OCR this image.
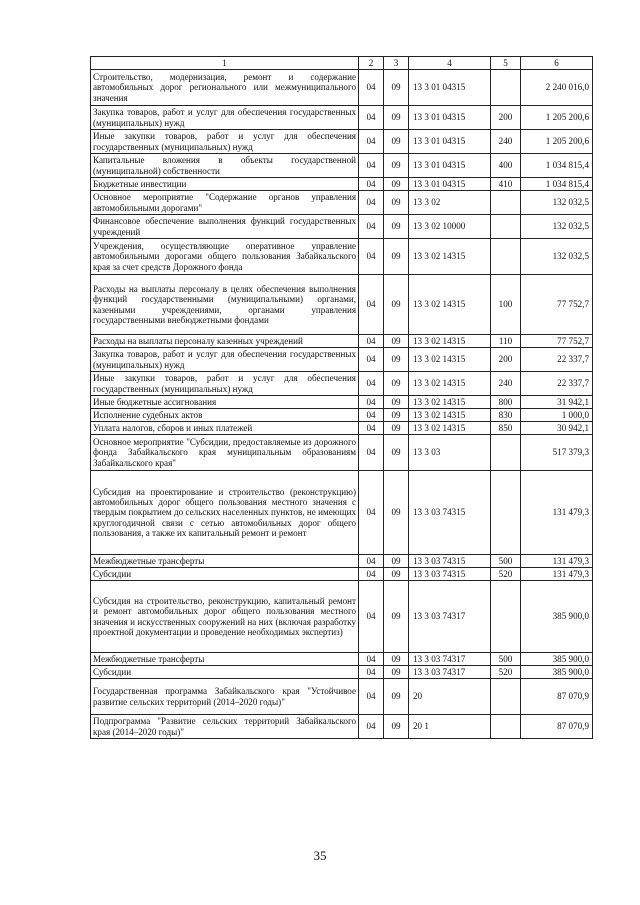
1	2	3	4	5	6
Строительство, модернизация, ремонт и содержание автомобильных дорог регионального или межмуниципального значения	04	09	13 3 01 04315		2 240 016,0
Закупка товаров, работ и услуг для обеспечения государственных (муниципальных) нужд	04	09	13 3 01 04315	200	1 205 200,6
Иные закупки товаров, работ и услуг для обеспечения государственных (муниципальных) нужд	04	09	13 3 01 04315	240	1 205 200,6
Капитальные вложения в объекты государственной (муниципальной) собственности	04	09	13 3 01 04315	400	1 034 815,4
Бюджетные инвестиции	04	09	13 3 01 04315	410	1 034 815,4
Основное мероприятие "Содержание органов управления автомобильными дорогами"	04	09	13 3 02		132 032,5
Финансовое обеспечение выполнения функций государственных учреждений	04	09	13 3 02 10000		132 032,5
Учреждения, осуществляющие оперативное управление автомобильными дорогами общего пользования Забайкальского края за счет средств Дорожного фонда	04	09	13 3 02 14315		132 032,5
Расходы на выплаты персоналу в целях обеспечения выполнения функций государственными (муниципальными) органами, казенными учреждениями, органами управления государственными внебюджетными фондами	04	09	13 3 02 14315	100	77 752,7
Расходы на выплаты персоналу казенных учреждений	04	09	13 3 02 14315	110	77 752,7
Закупка товаров, работ и услуг для обеспечения государственных (муниципальных) нужд	04	09	13 3 02 14315	200	22 337,7
Иные закупки товаров, работ и услуг для обеспечения государственных (муниципальных) нужд	04	09	13 3 02 14315	240	22 337,7
Иные бюджетные ассигнования	04	09	13 3 02 14315	800	31 942,1
Исполнение судебных актов	04	09	13 3 02 14315	830	1 000,0
Уплата налогов, сборов и иных платежей	04	09	13 3 02 14315	850	30 942,1
Основное мероприятие "Субсидии, предоставляемые из дорожного фонда Забайкальского края муниципальным образованиям Забайкальского края"	04	09	13 3 03		517 379,3
Субсидия на проектирование и строительство (реконструкцию) автомобильных дорог общего пользования местного значения с твердым покрытием до сельских населенных пунктов, не имеющих круглогодичной связи с сетью автомобильных дорог общего пользования, а также их капитальный ремонт и ремонт	04	09	13 3 03 74315		131 479,3
Межбюджетные трансферты	04	09	13 3 03 74315	500	131 479,3
Субсидии	04	09	13 3 03 74315	520	131 479,3
Субсидия на строительство, реконструкцию, капитальный ремонт и ремонт автомобильных дорог общего пользования местного значения и искусственных сооружений на них (включая разработку проектной документации и проведение необходимых экспертиз)	04	09	13 3 03 74317		385 900,0
Межбюджетные трансферты	04	09	13 3 03 74317	500	385 900,0
Субсидии	04	09	13 3 03 74317	520	385 900,0
Государственная программа Забайкальского края "Устойчивое развитие сельских территорий (2014–2020 годы)"	04	09	20		87 070,9
Подпрограмма "Развитие сельских территорий Забайкальского края (2014–2020 годы)"	04	09	20 1		87 070,9
35
